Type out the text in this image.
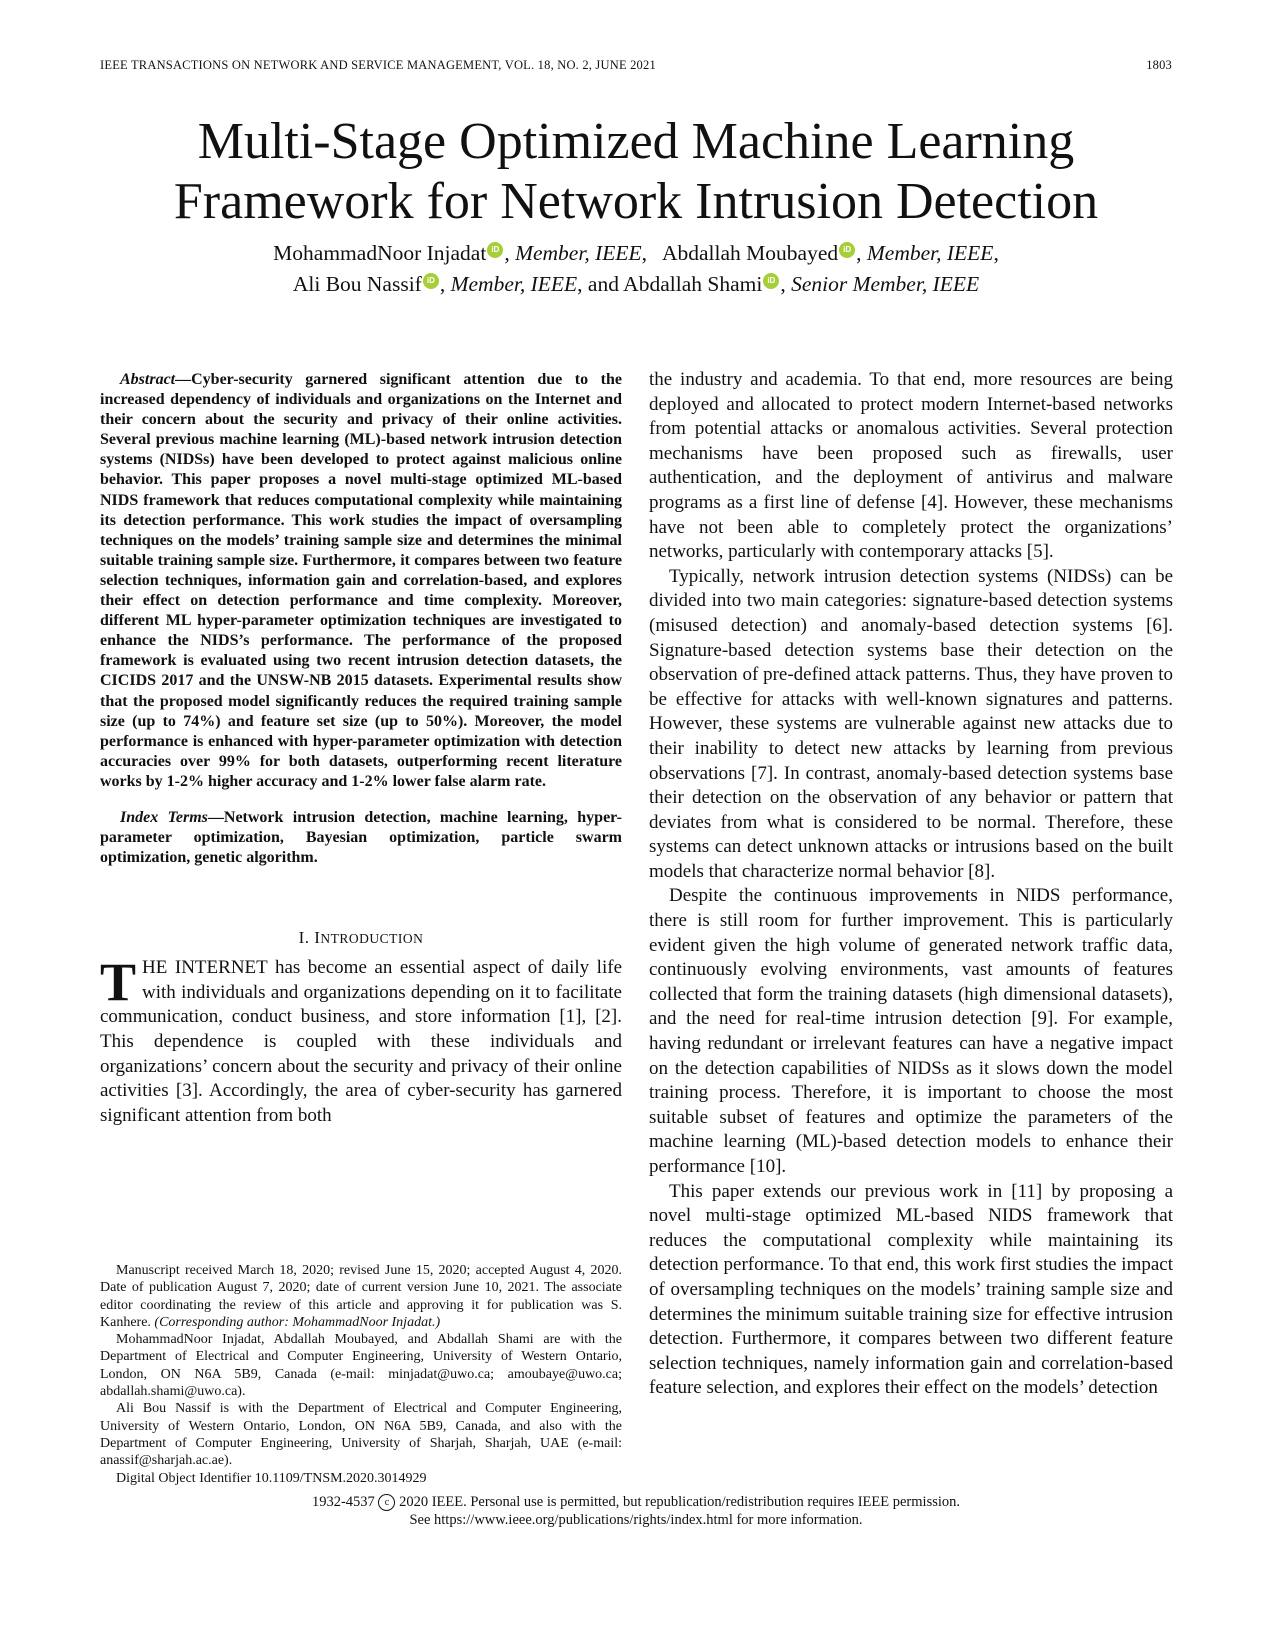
IEEE TRANSACTIONS ON NETWORK AND SERVICE MANAGEMENT, VOL. 18, NO. 2, JUNE 2021	1803
Multi-Stage Optimized Machine Learning
Framework for Network Intrusion Detection
MohammadNoor Injadat iD , Member, IEEE,   Abdallah Moubayed iD , Member, IEEE,
Ali Bou Nassif iD , Member, IEEE, and Abdallah Shami iD , Senior Member, IEEE

Abstract—Cyber-security garnered significant attention due to the increased dependency of individuals and organizations on the Internet and their concern about the security and privacy of their online activities. Several previous machine learning (ML)-based network intrusion detection systems (NIDSs) have been developed to protect against malicious online behavior. This paper proposes a novel multi-stage optimized ML-based NIDS framework that reduces computational complexity while maintaining its detection performance. This work studies the impact of oversampling techniques on the models’ training sample size and determines the minimal suitable training sample size. Furthermore, it compares between two feature selection techniques, information gain and correlation-based, and explores their effect on detection performance and time complexity. Moreover, different ML hyper-parameter optimization techniques are investigated to enhance the NIDS’s performance. The performance of the proposed framework is evaluated using two recent intrusion detection datasets, the CICIDS 2017 and the UNSW-NB 2015 datasets. Experimental results show that the proposed model significantly reduces the required training sample size (up to 74%) and feature set size (up to 50%). Moreover, the model performance is enhanced with hyper-parameter optimization with detection accuracies over 99% for both datasets, outperforming recent literature works by 1-2% higher accuracy and 1-2% lower false alarm rate.

Index Terms—Network intrusion detection, machine learning, hyper-parameter optimization, Bayesian optimization, particle swarm optimization, genetic algorithm.

I. INTRODUCTION

THE INTERNET has become an essential aspect of daily life with individuals and organizations depending on it to facilitate communication, conduct business, and store information [1], [2]. This dependence is coupled with these individuals and organizations’ concern about the security and privacy of their online activities [3]. Accordingly, the area of cyber-security has garnered significant attention from both

Manuscript received March 18, 2020; revised June 15, 2020; accepted August 4, 2020. Date of publication August 7, 2020; date of current version June 10, 2021. The associate editor coordinating the review of this article and approving it for publication was S. Kanhere. (Corresponding author: MohammadNoor Injadat.)

MohammadNoor Injadat, Abdallah Moubayed, and Abdallah Shami are with the Department of Electrical and Computer Engineering, University of Western Ontario, London, ON N6A 5B9, Canada (e-mail: minjadat@uwo.ca; amoubaye@uwo.ca; abdallah.shami@uwo.ca).

Ali Bou Nassif is with the Department of Electrical and Computer Engineering, University of Western Ontario, London, ON N6A 5B9, Canada, and also with the Department of Computer Engineering, University of Sharjah, Sharjah, UAE (e-mail: anassif@sharjah.ac.ae).

Digital Object Identifier 10.1109/TNSM.2020.3014929

the industry and academia. To that end, more resources are being deployed and allocated to protect modern Internet-based networks from potential attacks or anomalous activities. Several protection mechanisms have been proposed such as firewalls, user authentication, and the deployment of antivirus and malware programs as a first line of defense [4]. However, these mechanisms have not been able to completely protect the organizations’ networks, particularly with contemporary attacks [5].

Typically, network intrusion detection systems (NIDSs) can be divided into two main categories: signature-based detection systems (misused detection) and anomaly-based detection systems [6]. Signature-based detection systems base their detection on the observation of pre-defined attack patterns. Thus, they have proven to be effective for attacks with well-known signatures and patterns. However, these systems are vulnerable against new attacks due to their inability to detect new attacks by learning from previous observations [7]. In contrast, anomaly-based detection systems base their detection on the observation of any behavior or pattern that deviates from what is considered to be normal. Therefore, these systems can detect unknown attacks or intrusions based on the built models that characterize normal behavior [8].

Despite the continuous improvements in NIDS performance, there is still room for further improvement. This is particularly evident given the high volume of generated network traffic data, continuously evolving environments, vast amounts of features collected that form the training datasets (high dimensional datasets), and the need for real-time intrusion detection [9]. For example, having redundant or irrelevant features can have a negative impact on the detection capabilities of NIDSs as it slows down the model training process. Therefore, it is important to choose the most suitable subset of features and optimize the parameters of the machine learning (ML)-based detection models to enhance their performance [10].

This paper extends our previous work in [11] by proposing a novel multi-stage optimized ML-based NIDS framework that reduces the computational complexity while maintaining its detection performance. To that end, this work first studies the impact of oversampling techniques on the models’ training sample size and determines the minimum suitable training size for effective intrusion detection. Furthermore, it compares between two different feature selection techniques, namely information gain and correlation-based feature selection, and explores their effect on the models’ detection

1932-4537 c 2020 IEEE. Personal use is permitted, but republication/redistribution requires IEEE permission.
See https://www.ieee.org/publications/rights/index.html for more information.
